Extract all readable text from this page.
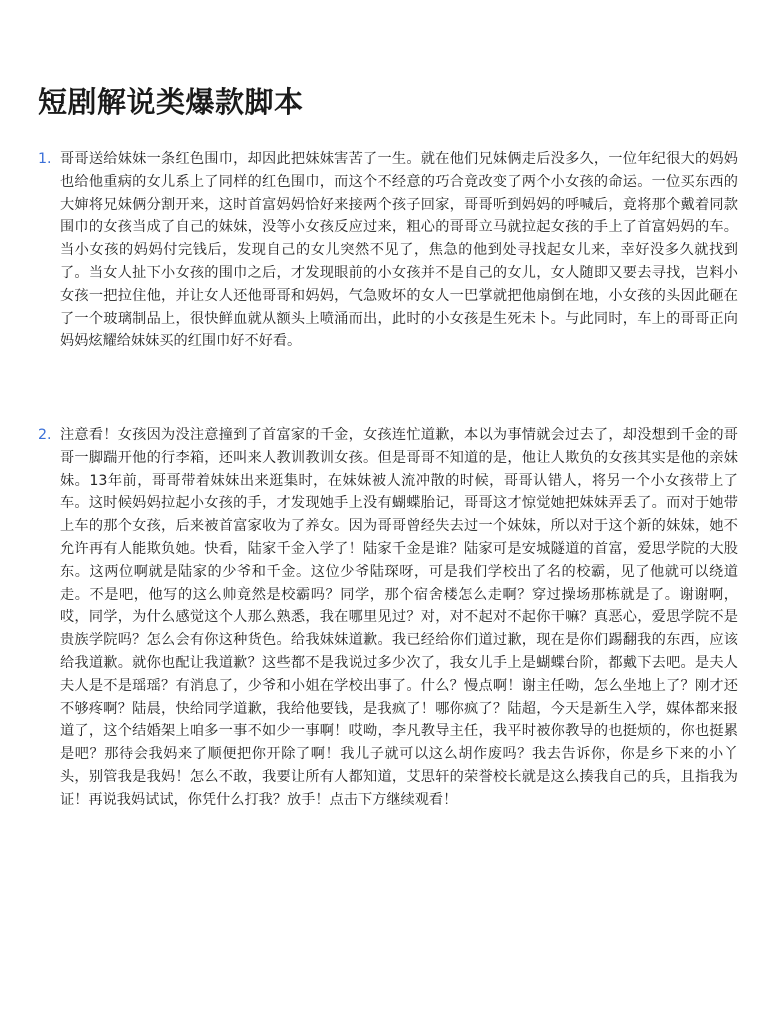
短剧解说类爆款脚本
1. 哥哥送给妹妹一条红色围巾，却因此把妹妹害苦了一生。就在他们兄妹俩走后没多久，一位年纪很大的妈妈也给他重病的女儿系上了同样的红色围巾，而这个不经意的巧合竟改变了两个小女孩的命运。一位买东西的大婶将兄妹俩分割开来，这时首富妈妈恰好来接两个孩子回家，哥哥听到妈妈的呼喊后，竟将那个戴着同款围巾的女孩当成了自己的妹妹，没等小女孩反应过来，粗心的哥哥立马就拉起女孩的手上了首富妈妈的车。当小女孩的妈妈付完钱后，发现自己的女儿突然不见了，焦急的他到处寻找起女儿来，幸好没多久就找到了。当女人扯下小女孩的围巾之后，才发现眼前的小女孩并不是自己的女儿，女人随即又要去寻找，岂料小女孩一把拉住他，并让女人还他哥哥和妈妈，气急败坏的女人一巴掌就把他扇倒在地，小女孩的头因此砸在了一个玻璃制品上，很快鲜血就从额头上喷涌而出，此时的小女孩是生死未卜。与此同时，车上的哥哥正向妈妈炫耀给妹妹买的红围巾好不好看。
2. 注意看！女孩因为没注意撞到了首富家的千金，女孩连忙道歉，本以为事情就会过去了，却没想到千金的哥哥一脚踹开他的行李箱，还叫来人教训教训女孩。但是哥哥不知道的是，他让人欺负的女孩其实是他的亲妹妹。13年前，哥哥带着妹妹出来逛集时，在妹妹被人流冲散的时候，哥哥认错人，将另一个小女孩带上了车。这时候妈妈拉起小女孩的手，才发现她手上没有蝴蝶胎记，哥哥这才惊觉她把妹妹弄丢了。而对于她带上车的那个女孩，后来被首富家收为了养女。因为哥哥曾经失去过一个妹妹，所以对于这个新的妹妹，她不允许再有人能欺负她。快看，陆家千金入学了！陆家千金是谁？陆家可是安城隧道的首富，爱思学院的大股东。这两位啊就是陆家的少爷和千金。这位少爷陆琛呀，可是我们学校出了名的校霸，见了他就可以绕道走。不是吧，他写的这么帅竟然是校霸吗？同学，那个宿舍楼怎么走啊？穿过操场那栋就是了。谢谢啊，哎，同学，为什么感觉这个人那么熟悉，我在哪里见过？对，对不起对不起你干嘛？真恶心，爱思学院不是贵族学院吗？怎么会有你这种货色。给我妹妹道歉。我已经给你们道过歉，现在是你们踢翻我的东西，应该给我道歉。就你也配让我道歉？这些都不是我说过多少次了，我女儿手上是蝴蝶台阶，都戴下去吧。是夫人夫人是不是瑶瑶？有消息了，少爷和小姐在学校出事了。什么？慢点啊！谢主任呦，怎么坐地上了？刚才还不够疼啊？陆晨，快给同学道歉，我给他要钱，是我疯了！哪你疯了？陆超，今天是新生入学，媒体都来报道了，这个结婚架上咱多一事不如少一事啊！哎呦，李凡教导主任，我平时被你教导的也挺烦的，你也挺累是吧？那待会我妈来了顺便把你开除了啊！我儿子就可以这么胡作废吗？我去告诉你，你是乡下来的小丫头，别管我是我妈！怎么不敢，我要让所有人都知道，艾思轩的荣誉校长就是这么揍我自己的兵，且指我为证！再说我妈试试，你凭什么打我？放手！点击下方继续观看！
